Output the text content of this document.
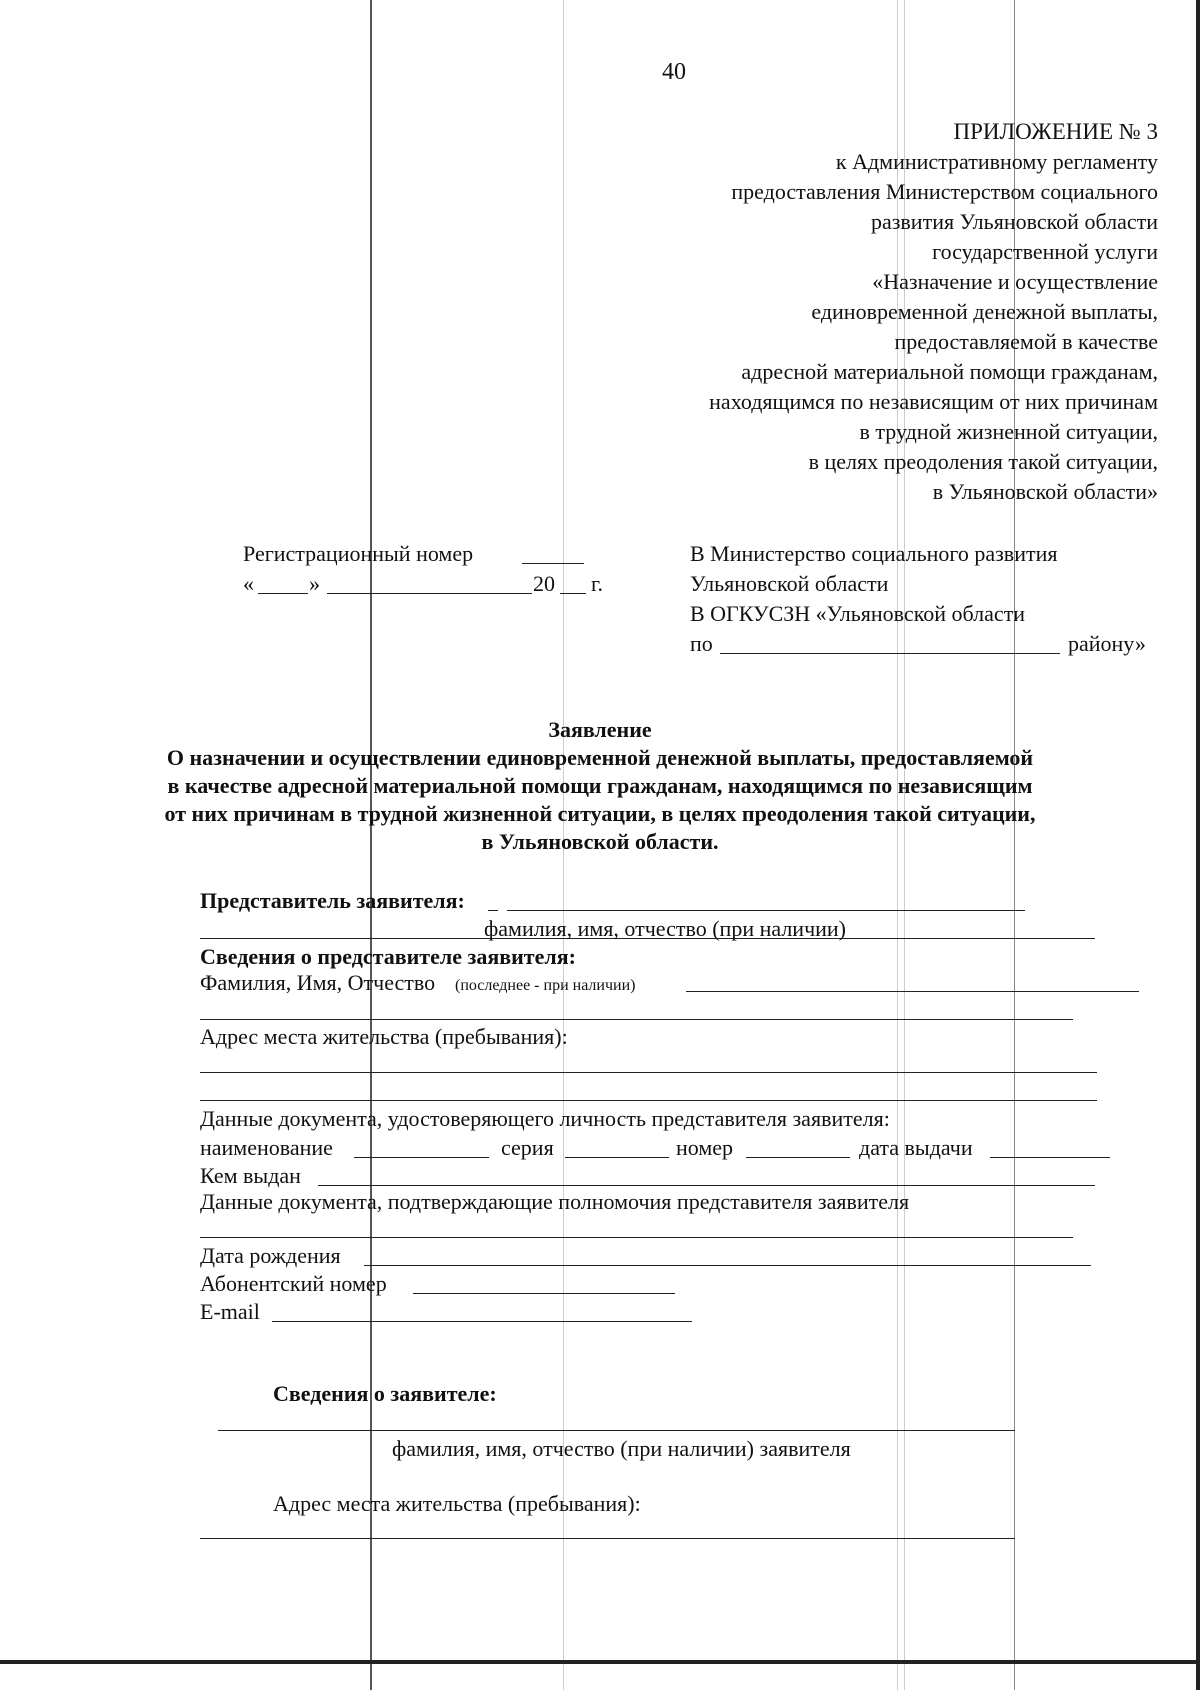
40
ПРИЛОЖЕНИЕ № 3
к Административному регламенту
предоставления Министерством социального
развития Ульяновской области
государственной услуги
«Назначение и осуществление
единовременной денежной выплаты,
предоставляемой в качестве
адресной материальной помощи гражданам,
находящимся по независящим от них причинам
в трудной жизненной ситуации,
в целях преодоления такой ситуации,
в Ульяновской области»
Регистрационный номер
«	»	20 г.
В Министерство социального развития
Ульяновской области
В ОГКУСЗН «Ульяновской области
по	району»
Заявление
О назначении и осуществлении единовременной денежной выплаты, предоставляемой
в качестве адресной материальной помощи гражданам, находящимся по независящим
от них причинам в трудной жизненной ситуации, в целях преодоления такой ситуации,
в Ульяновской области.
Представитель заявителя:
фамилия, имя, отчество (при наличии)
Сведения о представителе заявителя:
Фамилия, Имя, Отчество (последнее - при наличии)
Адрес места жительства (пребывания):
Данные документа, удостоверяющего личность представителя заявителя:
наименование	серия	номер	дата выдачи
Кем выдан
Данные документа, подтверждающие полномочия представителя заявителя
Дата рождения
Абонентский номер
E-mail
Сведения о заявителе:
фамилия, имя, отчество (при наличии) заявителя
Адрес места жительства (пребывания):
